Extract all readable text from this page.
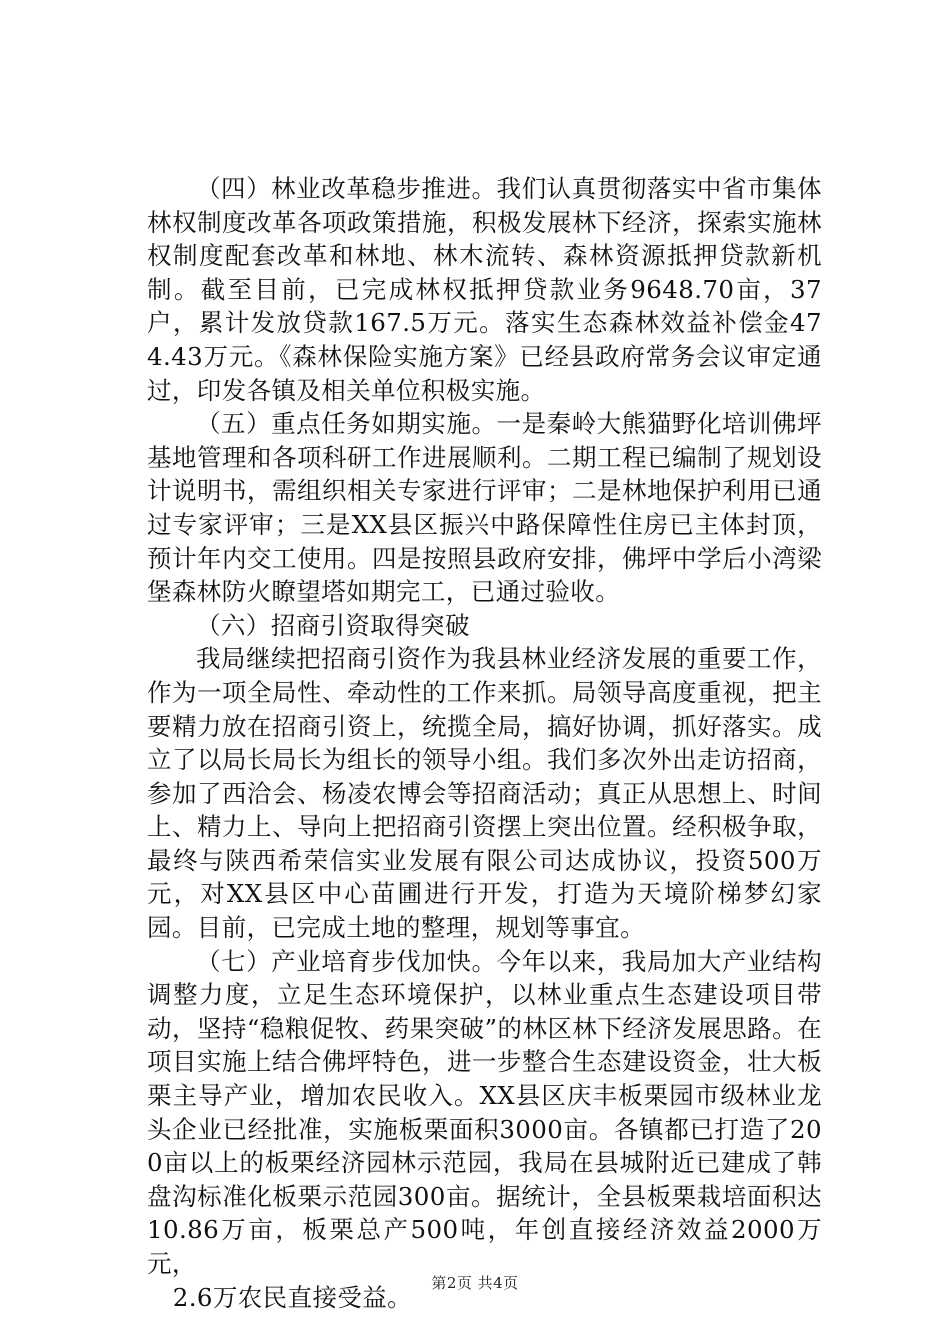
（四）林业改革稳步推进。我们认真贯彻落实中省市集体林权制度改革各项政策措施，积极发展林下经济，探索实施林权制度配套改革和林地、林木流转、森林资源抵押贷款新机制。截至目前，已完成林权抵押贷款业务9648.70亩，37户，累计发放贷款167.5万元。落实生态森林效益补偿金474.43万元。《森林保险实施方案》已经县政府常务会议审定通过，印发各镇及相关单位积极实施。

（五）重点任务如期实施。一是秦岭大熊猫野化培训佛坪基地管理和各项科研工作进展顺利。二期工程已编制了规划设计说明书，需组织相关专家进行评审；二是林地保护利用已通过专家评审；三是XX县区振兴中路保障性住房已主体封顶，预计年内交工使用。四是按照县政府安排，佛坪中学后小湾梁堡森林防火瞭望塔如期完工，已通过验收。

（六）招商引资取得突破

我局继续把招商引资作为我县林业经济发展的重要工作，作为一项全局性、牵动性的工作来抓。局领导高度重视，把主要精力放在招商引资上，统揽全局，搞好协调，抓好落实。成立了以局长局长为组长的领导小组。我们多次外出走访招商，参加了西洽会、杨凌农博会等招商活动；真正从思想上、时间上、精力上、导向上把招商引资摆上突出位置。经积极争取，最终与陕西希荣信实业发展有限公司达成协议，投资500万元，对XX县区中心苗圃进行开发，打造为天境阶梯梦幻家园。目前，已完成土地的整理，规划等事宜。

（七）产业培育步伐加快。今年以来，我局加大产业结构调整力度，立足生态环境保护，以林业重点生态建设项目带动，坚持“稳粮促牧、药果突破”的林区林下经济发展思路。在项目实施上结合佛坪特色，进一步整合生态建设资金，壮大板栗主导产业，增加农民收入。XX县区庆丰板栗园市级林业龙头企业已经批准，实施板栗面积3000亩。各镇都已打造了200亩以上的板栗经济园林示范园，我局在县城附近已建成了韩盘沟标准化板栗示范园300亩。据统计，全县板栗栽培面积达10.86万亩，板栗总产500吨，年创直接经济效益2000万元，

2.6万农民直接受益。	第2页 共4页
